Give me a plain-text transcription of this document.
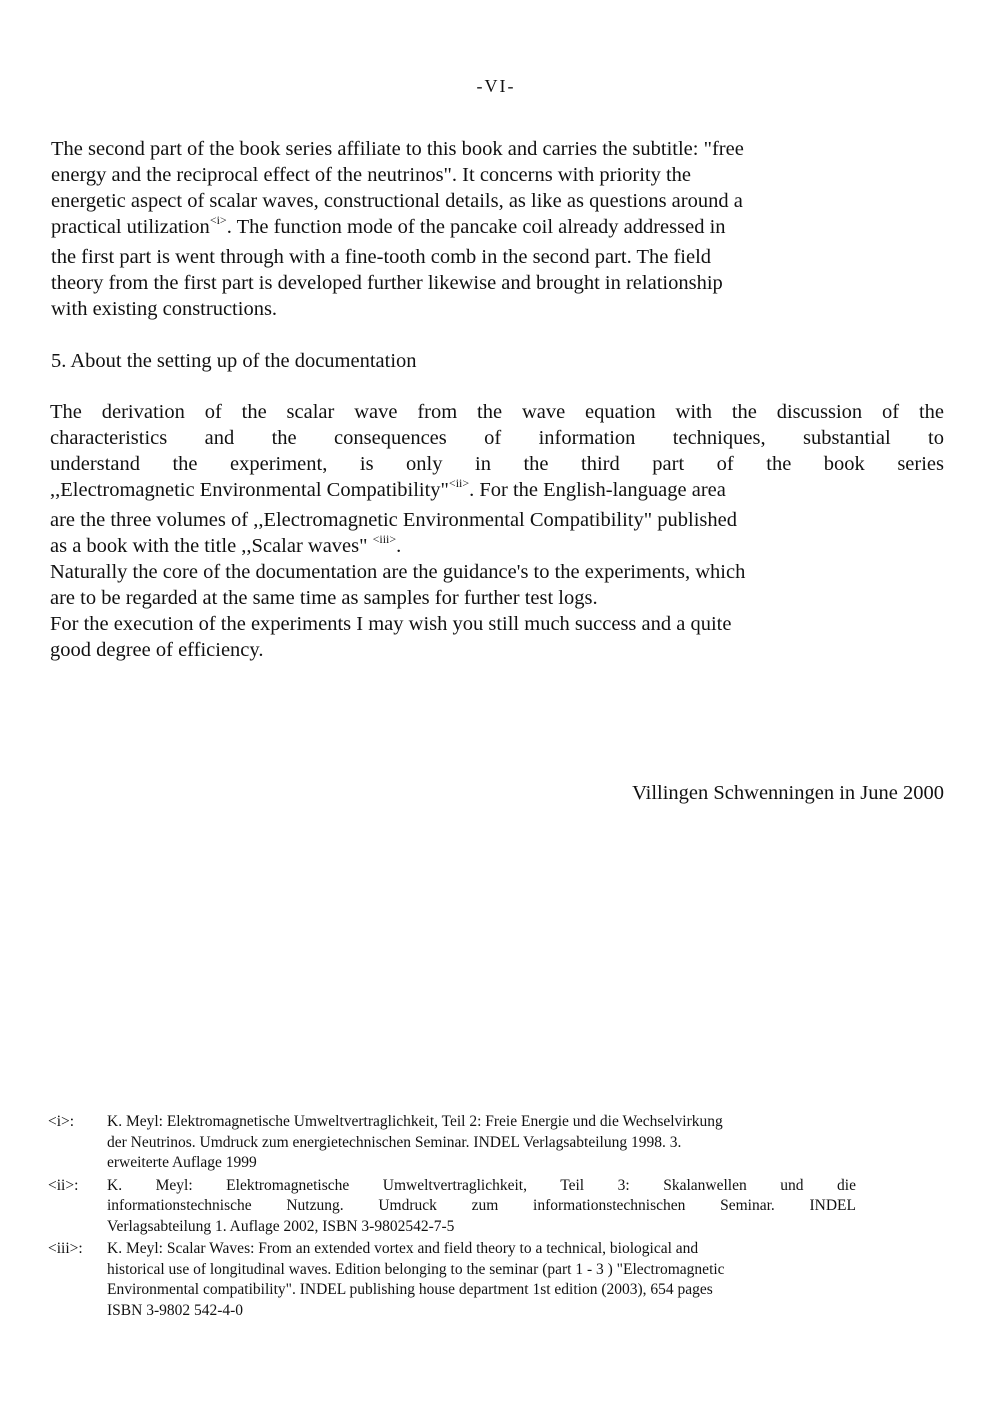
-VI-
The second part of the book series affiliate to this book and carries the subtitle: "free
energy and the reciprocal effect of the neutrinos". It concerns with priority the
energetic aspect of scalar waves, constructional details, as like as questions around a
practical utilization$^{<i>}$. The function mode of the pancake coil already addressed in
the first part is went through with a fine-tooth comb in the second part. The field
theory from the first part is developed further likewise and brought in relationship
with existing constructions.
5. About the setting up of the documentation
The derivation of the scalar wave from the wave equation with the discussion of the
characteristics and the consequences of information techniques, substantial to
understand the experiment, is only in the third part of the book series
,,Electromagnetic Environmental Compatibility"$^{<ii>}$. For the English-language area
are the three volumes of ,,Electromagnetic Environmental Compatibility" published
as a book with the title ,,Scalar waves" $^{<iii>}$.
Naturally the core of the documentation are the guidance's to the experiments, which
are to be regarded at the same time as samples for further test logs.
For the execution of the experiments I may wish you still much success and a quite
good degree of efficiency.
Villingen Schwenningen in June 2000
<i>: K. Meyl: Elektromagnetische Umweltvertraglichkeit, Teil 2: Freie Energie und die Wechselvirkung
der Neutrinos. Umdruck zum energietechnischen Seminar. INDEL Verlagsabteilung 1998. 3.
erweiterte Auflage 1999
<ii>: K. Meyl: Elektromagnetische Umweltvertraglichkeit, Teil 3: Skalanwellen und die
informationstechnische Nutzung. Umdruck zum informationstechnischen Seminar. INDEL
Verlagsabteilung 1. Auflage 2002, ISBN 3-9802542-7-5
<iii>: K. Meyl: Scalar Waves: From an extended vortex and field theory to a technical, biological and
historical use of longitudinal waves. Edition belonging to the seminar (part 1 - 3 ) "Electromagnetic
Environmental compatibility". INDEL publishing house department 1st edition (2003), 654 pages
ISBN 3-9802 542-4-0
